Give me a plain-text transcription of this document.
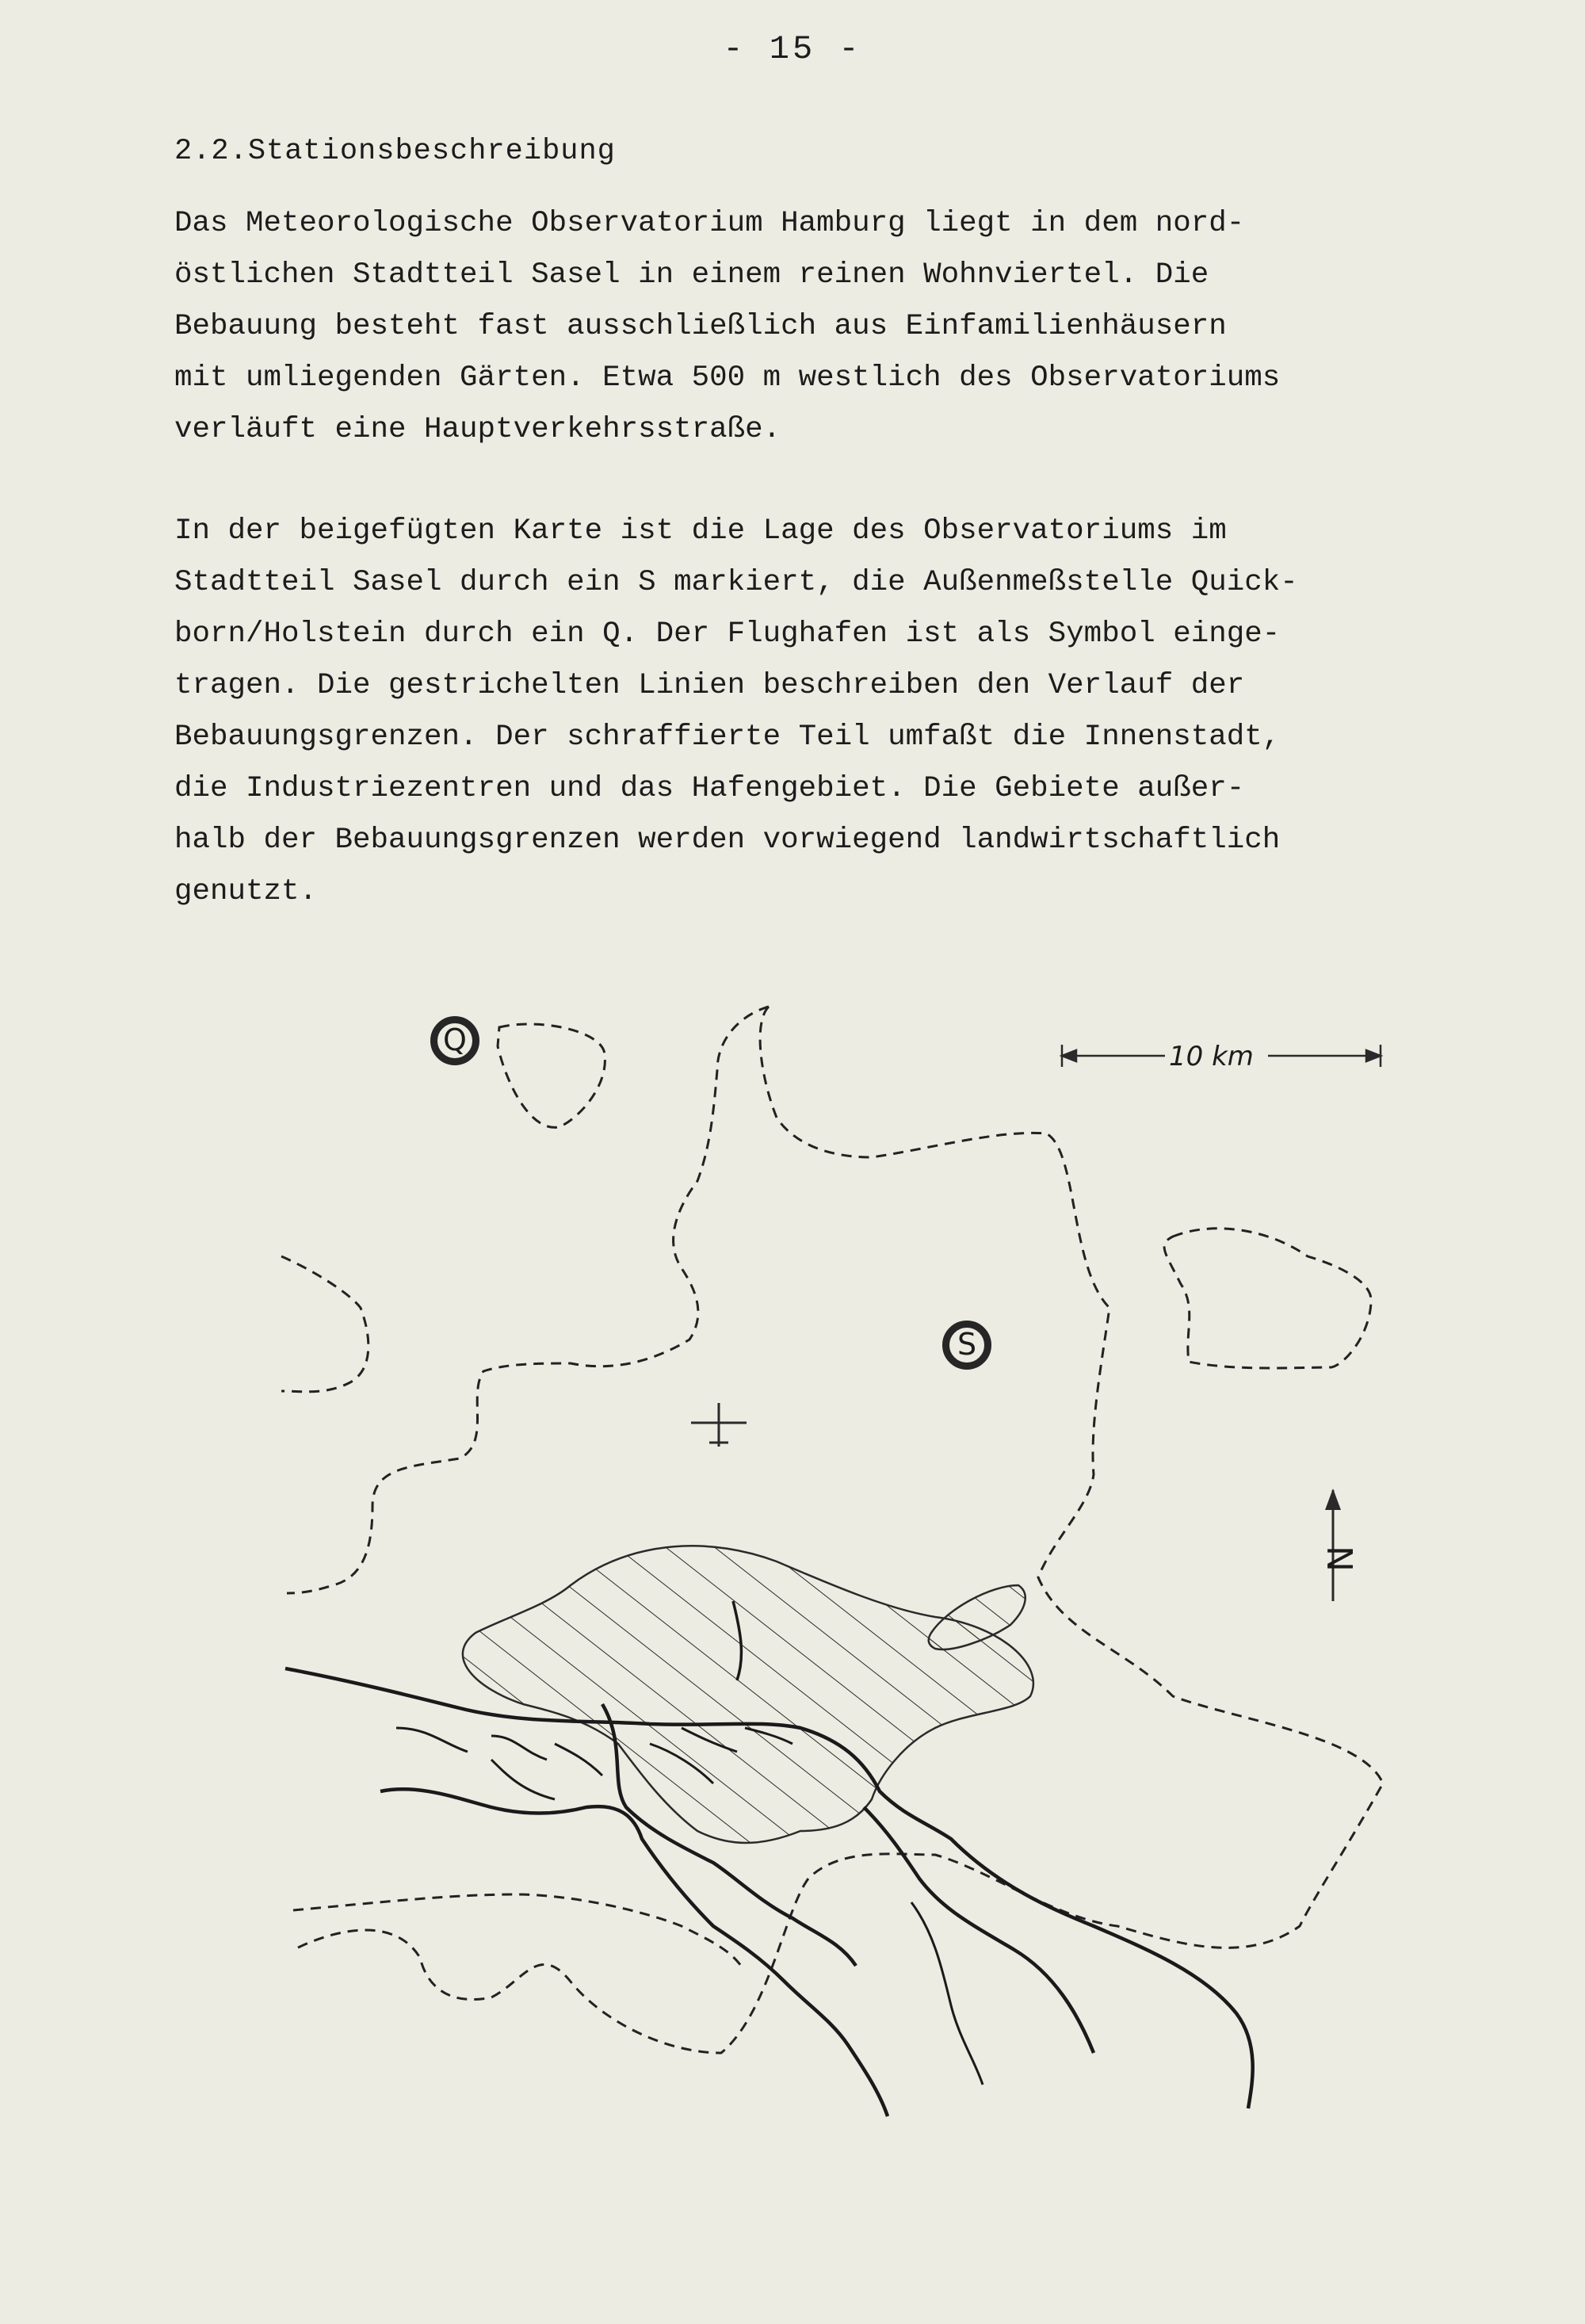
- 15 -
2.2.Stationsbeschreibung

Das Meteorologische Observatorium Hamburg liegt in dem nord-
östlichen Stadtteil Sasel in einem reinen Wohnviertel. Die
Bebauung besteht fast ausschließlich aus Einfamilienhäusern
mit umliegenden Gärten. Etwa 500 m westlich des Observatoriums
verläuft eine Hauptverkehrsstraße.

In der beigefügten Karte ist die Lage des Observatoriums im
Stadtteil Sasel durch ein S markiert, die Außenmeßstelle Quick-
born/Holstein durch ein Q. Der Flughafen ist als Symbol einge-
tragen. Die gestrichelten Linien beschreiben den Verlauf der
Bebauungsgrenzen. Der schraffierte Teil umfaßt die Innenstadt,
die Industriezentren und das Hafengebiet. Die Gebiete außer-
halb der Bebauungsgrenzen werden vorwiegend landwirtschaftlich
genutzt.

N
Q
S
10 km
